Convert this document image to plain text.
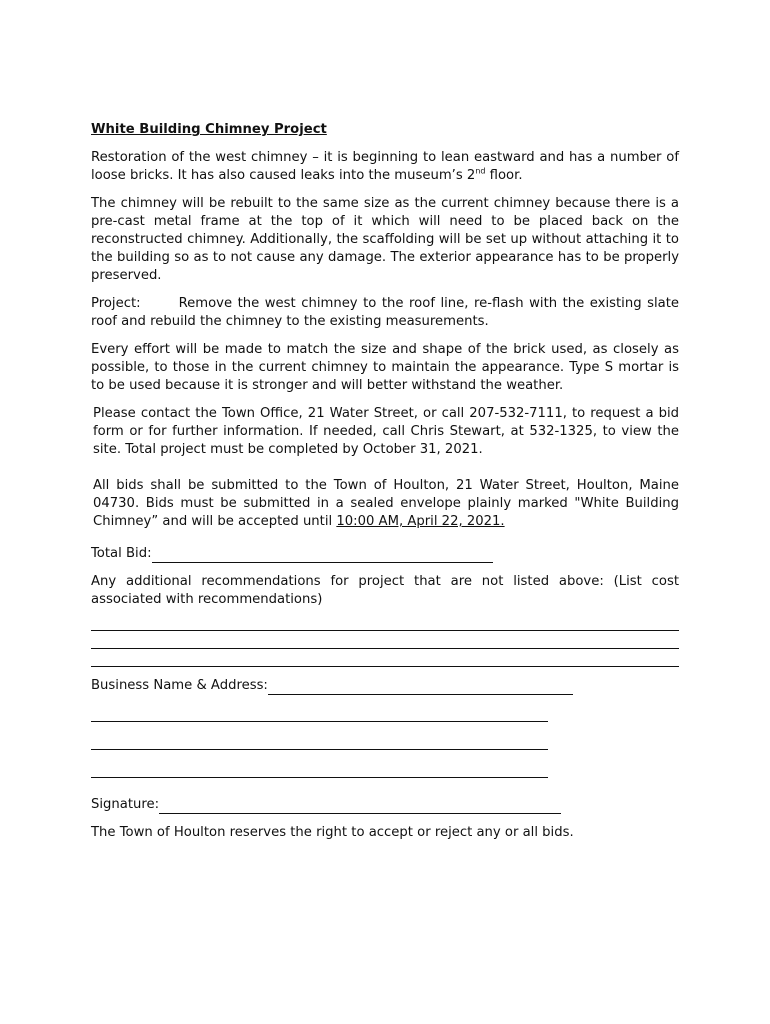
White Building Chimney Project

Restoration of the west chimney – it is beginning to lean eastward and has a number of loose bricks. It has also caused leaks into the museum’s 2nd floor.

The chimney will be rebuilt to the same size as the current chimney because there is a pre-cast metal frame at the top of it which will need to be placed back on the reconstructed chimney. Additionally, the scaffolding will be set up without attaching it to the building so as to not cause any damage. The exterior appearance has to be properly preserved.

Project:	Remove the west chimney to the roof line, re-flash with the existing slate roof and rebuild the chimney to the existing measurements.

Every effort will be made to match the size and shape of the brick used, as closely as possible, to those in the current chimney to maintain the appearance. Type S mortar is to be used because it is stronger and will better withstand the weather.

Please contact the Town Office, 21 Water Street, or call 207-532-7111, to request a bid form or for further information. If needed, call Chris Stewart, at 532-1325, to view the site. Total project must be completed by October 31, 2021.

All bids shall be submitted to the Town of Houlton, 21 Water Street, Houlton, Maine 04730. Bids must be submitted in a sealed envelope plainly marked "White Building Chimney” and will be accepted until 10:00 AM, April 22, 2021.

Total Bid:

Any additional recommendations for project that are not listed above: (List cost associated with recommendations)

Business Name & Address:
Signature:

The Town of Houlton reserves the right to accept or reject any or all bids.
